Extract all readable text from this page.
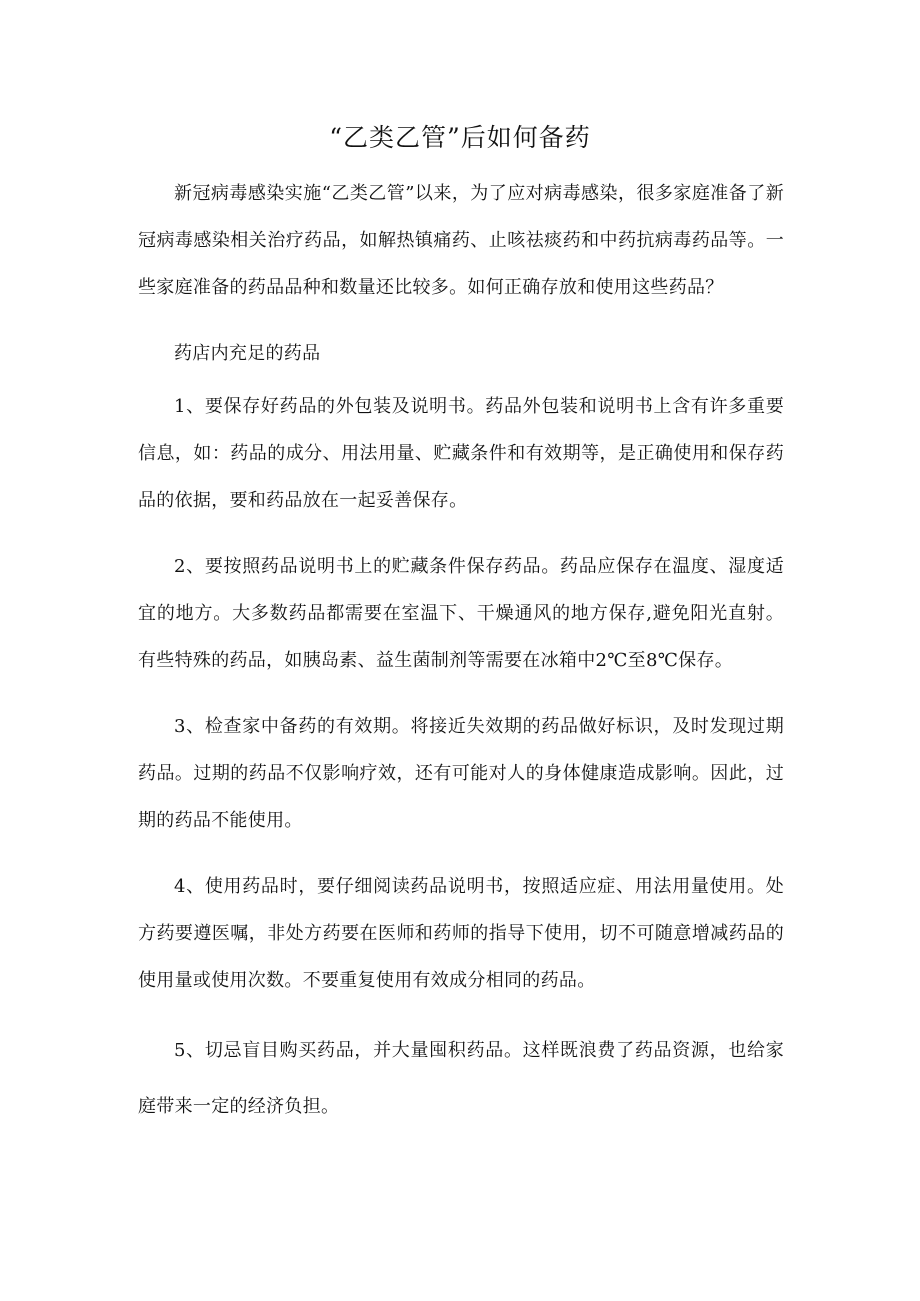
“乙类乙管”后如何备药

新冠病毒感染实施“乙类乙管”以来，为了应对病毒感染，很多家庭准备了新冠病毒感染相关治疗药品，如解热镇痛药、止咳祛痰药和中药抗病毒药品等。一些家庭准备的药品品种和数量还比较多。如何正确存放和使用这些药品？

药店内充足的药品

1、要保存好药品的外包装及说明书。药品外包装和说明书上含有许多重要信息，如：药品的成分、用法用量、贮藏条件和有效期等，是正确使用和保存药品的依据，要和药品放在一起妥善保存。

2、要按照药品说明书上的贮藏条件保存药品。药品应保存在温度、湿度适宜的地方。大多数药品都需要在室温下、干燥通风的地方保存,避免阳光直射。有些特殊的药品，如胰岛素、益生菌制剂等需要在冰箱中2℃至8℃保存。

3、检查家中备药的有效期。将接近失效期的药品做好标识，及时发现过期药品。过期的药品不仅影响疗效，还有可能对人的身体健康造成影响。因此，过期的药品不能使用。

4、使用药品时，要仔细阅读药品说明书，按照适应症、用法用量使用。处方药要遵医嘱，非处方药要在医师和药师的指导下使用，切不可随意增减药品的使用量或使用次数。不要重复使用有效成分相同的药品。

5、切忌盲目购买药品，并大量囤积药品。这样既浪费了药品资源，也给家庭带来一定的经济负担。
